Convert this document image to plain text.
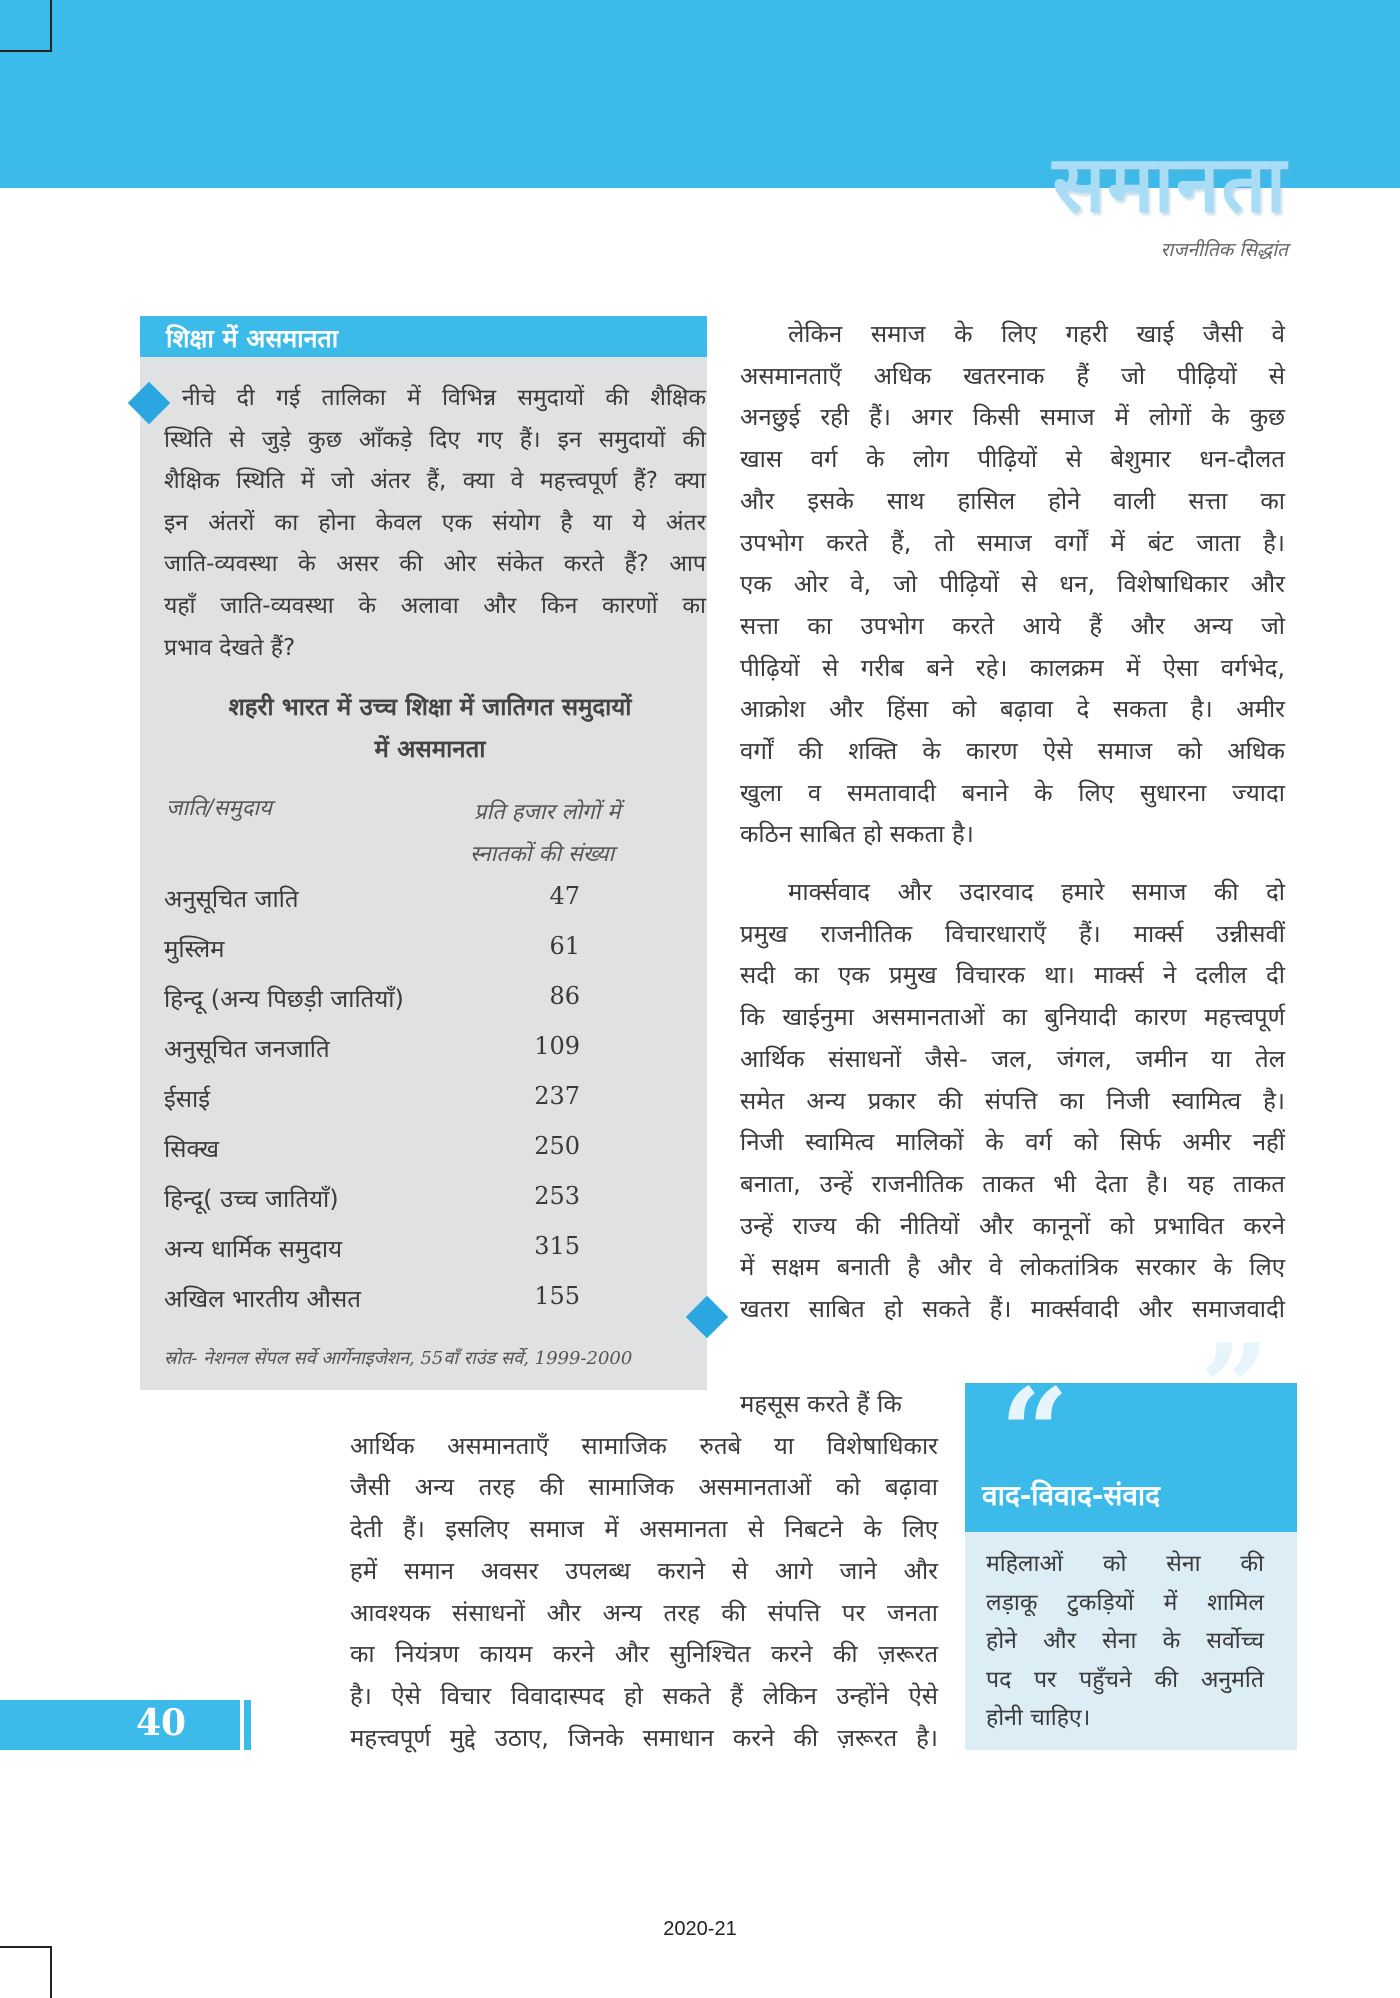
समानता
राजनीतिक सिद्धांत
शिक्षा में असमानता
नीचे दी गई तालिका में विभिन्न समुदायों की शैक्षिक
स्थिति से जुड़े कुछ आँकड़े दिए गए हैं। इन समुदायों की
शैक्षिक स्थिति में जो अंतर हैं, क्या वे महत्त्वपूर्ण हैं? क्या
इन अंतरों का होना केवल एक संयोग है या ये अंतर
जाति-व्यवस्था के असर की ओर संकेत करते हैं? आप
यहाँ जाति-व्यवस्था के अलावा और किन कारणों का
प्रभाव देखते हैं?
शहरी भारत में उच्च शिक्षा में जातिगत समुदायों
में असमानता
जाति/समुदाय	प्रति हजार लोगों में
स्नातकों की संख्या
अनुसूचित जाति	47
मुस्लिम	61
हिन्दू (अन्य पिछड़ी जातियाँ)	86
अनुसूचित जनजाति	109
ईसाई	237
सिक्ख	250
हिन्दू( उच्च जातियाँ)	253
अन्य धार्मिक समुदाय	315
अखिल भारतीय औसत	155
स्रोत- नेशनल सेंपल सर्वे आर्गेनाइजेशन, 55वाँ राउंड सर्वे, 1999-2000
लेकिन समाज के लिए गहरी खाई जैसी वे
असमानताएँ अधिक खतरनाक हैं जो पीढ़ियों से
अनछुई रही हैं। अगर किसी समाज में लोगों के कुछ
खास वर्ग के लोग पीढ़ियों से बेशुमार धन-दौलत
और इसके साथ हासिल होने वाली सत्ता का
उपभोग करते हैं, तो समाज वर्गों में बंट जाता है।
एक ओर वे, जो पीढ़ियों से धन, विशेषाधिकार और
सत्ता का उपभोग करते आये हैं और अन्य जो
पीढ़ियों से गरीब बने रहे। कालक्रम में ऐसा वर्गभेद,
आक्रोश और हिंसा को बढ़ावा दे सकता है। अमीर
वर्गों की शक्ति के कारण ऐसे समाज को अधिक
खुला व समतावादी बनाने के लिए सुधारना ज्यादा
कठिन साबित हो सकता है।
मार्क्सवाद और उदारवाद हमारे समाज की दो
प्रमुख राजनीतिक विचारधाराएँ हैं। मार्क्स उन्नीसवीं
सदी का एक प्रमुख विचारक था। मार्क्स ने दलील दी
कि खाईनुमा असमानताओं का बुनियादी कारण महत्त्वपूर्ण
आर्थिक संसाधनों जैसे- जल, जंगल, जमीन या तेल
समेत अन्य प्रकार की संपत्ति का निजी स्वामित्व है।
निजी स्वामित्व मालिकों के वर्ग को सिर्फ अमीर नहीं
बनाता, उन्हें राजनीतिक ताकत भी देता है। यह ताकत
उन्हें राज्य की नीतियों और कानूनों को प्रभावित करने
में सक्षम बनाती है और वे लोकतांत्रिक सरकार के लिए
खतरा साबित हो सकते हैं। मार्क्सवादी और समाजवादी
महसूस करते हैं कि
आर्थिक असमानताएँ सामाजिक रुतबे या विशेषाधिकार
जैसी अन्य तरह की सामाजिक असमानताओं को बढ़ावा
देती हैं। इसलिए समाज में असमानता से निबटने के लिए
हमें समान अवसर उपलब्ध कराने से आगे जाने और
आवश्यक संसाधनों और अन्य तरह की संपत्ति पर जनता
का नियंत्रण कायम करने और सुनिश्चित करने की ज़रूरत
है। ऐसे विचार विवादास्पद हो सकते हैं लेकिन उन्होंने ऐसे
महत्त्वपूर्ण मुद्दे उठाए, जिनके समाधान करने की ज़रूरत है।
”
“
वाद-विवाद-संवाद
महिलाओं को सेना की
लड़ाकू टुकड़ियों में शामिल
होने और सेना के सर्वोच्च
पद पर पहुँचने की अनुमति
होनी चाहिए।
40
2020-21
